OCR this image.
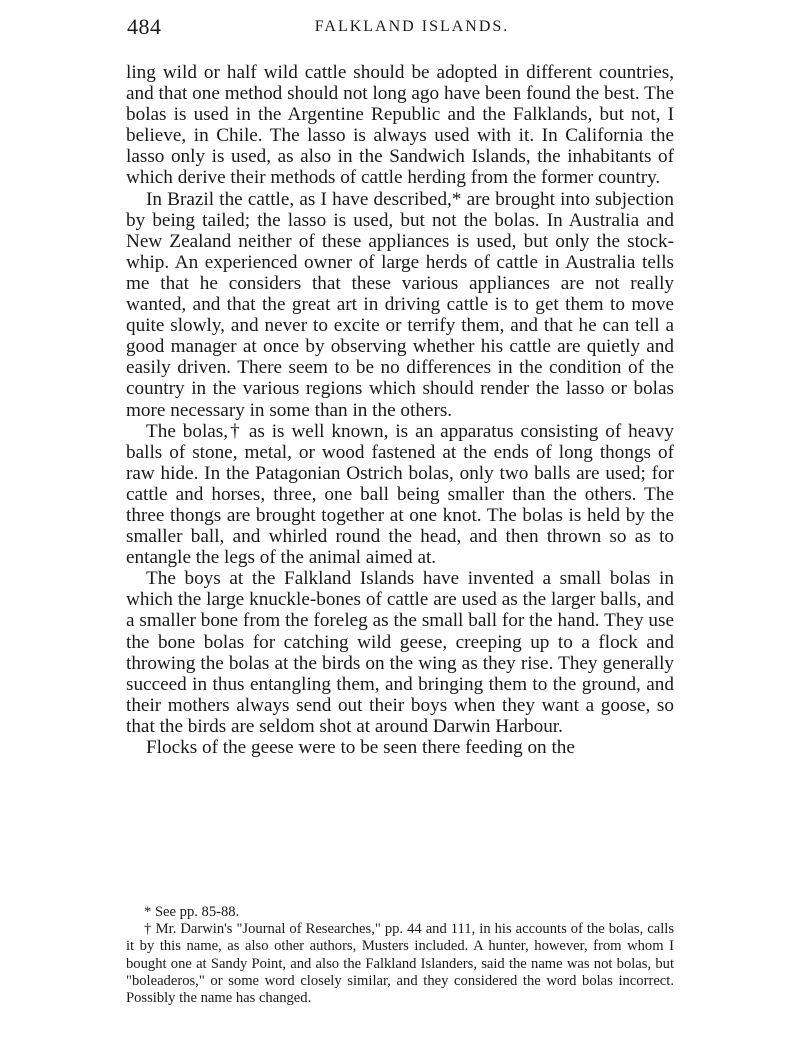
484	FALKLAND ISLANDS.

ling wild or half wild cattle should be adopted in different countries, and that one method should not long ago have been found the best. The bolas is used in the Argentine Republic and the Falklands, but not, I believe, in Chile. The lasso is always used with it. In California the lasso only is used, as also in the Sandwich Islands, the inhabitants of which derive their methods of cattle herding from the former country.

In Brazil the cattle, as I have described,* are brought into subjection by being tailed; the lasso is used, but not the bolas. In Australia and New Zealand neither of these appliances is used, but only the stock-whip. An experienced owner of large herds of cattle in Australia tells me that he considers that these various appliances are not really wanted, and that the great art in driving cattle is to get them to move quite slowly, and never to excite or terrify them, and that he can tell a good manager at once by observing whether his cattle are quietly and easily driven. There seem to be no differences in the condition of the country in the various regions which should render the lasso or bolas more necessary in some than in the others.

The bolas,† as is well known, is an apparatus consisting of heavy balls of stone, metal, or wood fastened at the ends of long thongs of raw hide. In the Patagonian Ostrich bolas, only two balls are used; for cattle and horses, three, one ball being smaller than the others. The three thongs are brought together at one knot. The bolas is held by the smaller ball, and whirled round the head, and then thrown so as to entangle the legs of the animal aimed at.

The boys at the Falkland Islands have invented a small bolas in which the large knuckle-bones of cattle are used as the larger balls, and a smaller bone from the foreleg as the small ball for the hand. They use the bone bolas for catching wild geese, creeping up to a flock and throwing the bolas at the birds on the wing as they rise. They generally succeed in thus entangling them, and bringing them to the ground, and their mothers always send out their boys when they want a goose, so that the birds are seldom shot at around Darwin Harbour.

Flocks of the geese were to be seen there feeding on the

* See pp. 85-88.

† Mr. Darwin's "Journal of Researches," pp. 44 and 111, in his accounts of the bolas, calls it by this name, as also other authors, Musters included. A hunter, however, from whom I bought one at Sandy Point, and also the Falkland Islanders, said the name was not bolas, but "boleaderos," or some word closely similar, and they considered the word bolas incorrect. Possibly the name has changed.
